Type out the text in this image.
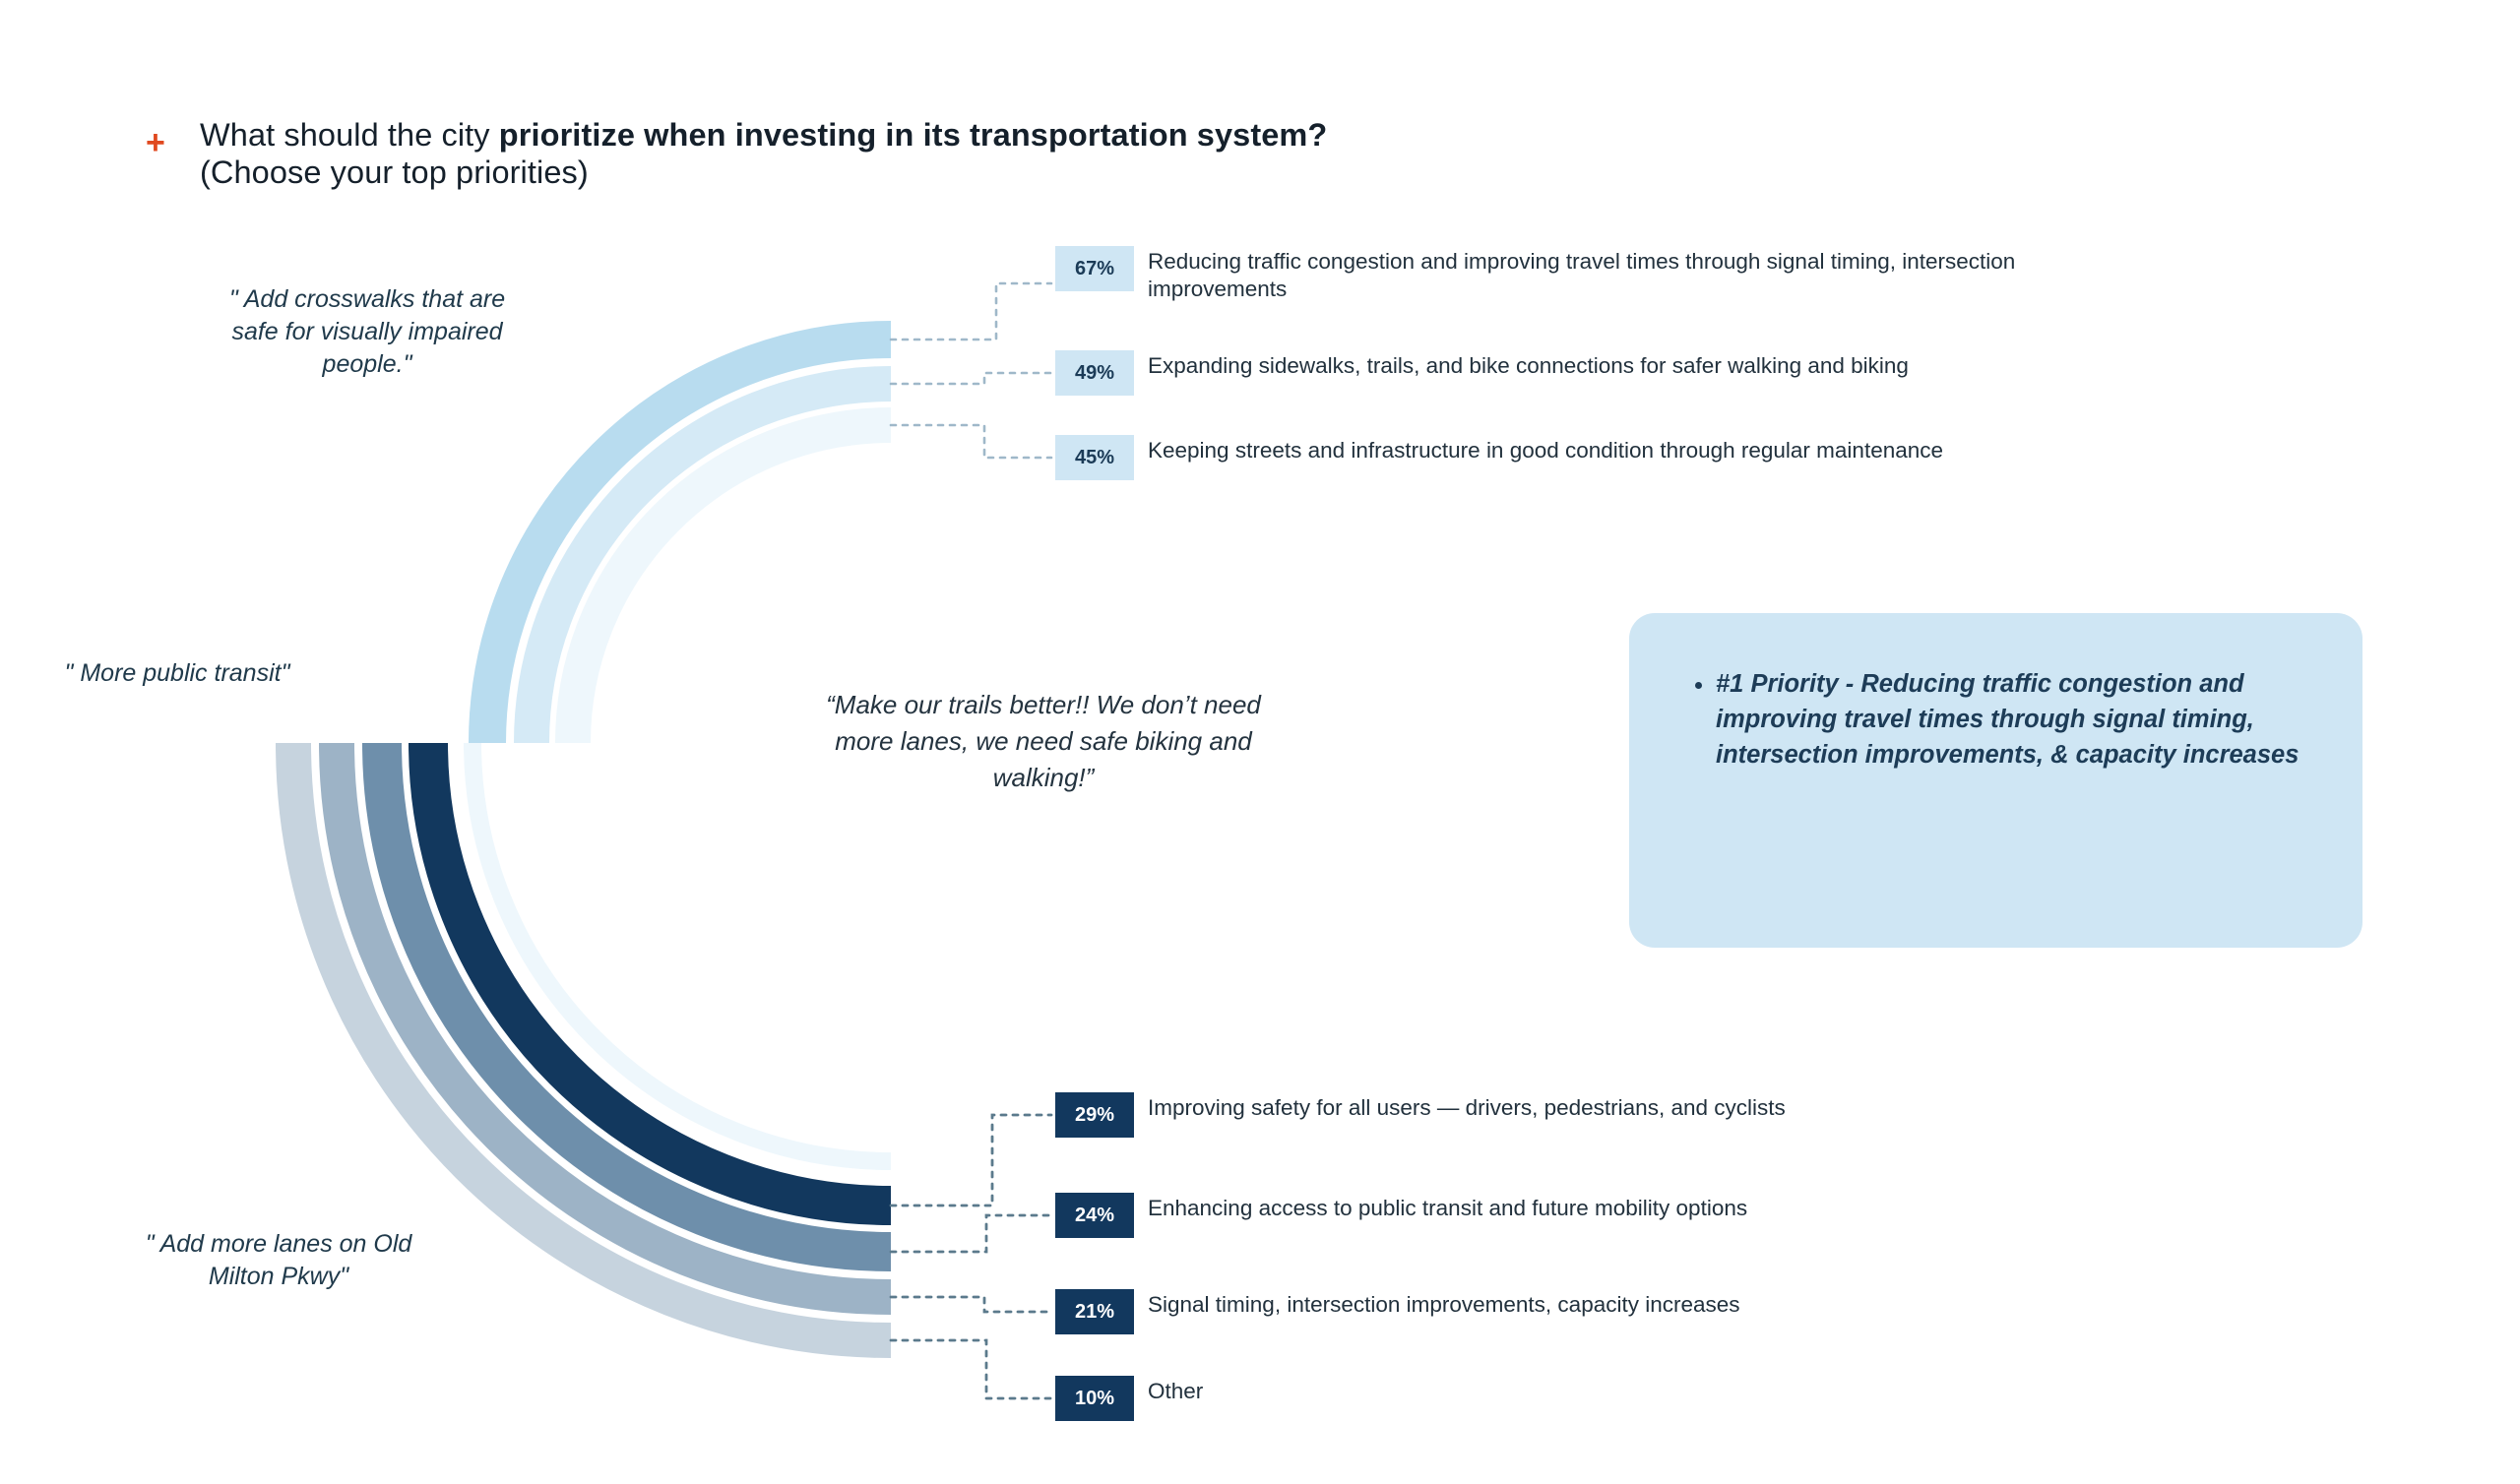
+ What should the city prioritize when investing in its transportation system?
(Choose your top priorities)
" Add crosswalks that are safe for visually impaired people."
" More public transit"
" Add more lanes on Old Milton Pkwy"
“Make our trails better!! We don’t need more lanes, we need safe biking and walking!”
• #1 Priority - Reducing traffic congestion and improving travel times through signal timing, intersection improvements, & capacity increases
67%	Reducing traffic congestion and improving travel times through signal timing, intersection improvements
49%	Expanding sidewalks, trails, and bike connections for safer walking and biking
45%	Keeping streets and infrastructure in good condition through regular maintenance
29%	Improving safety for all users — drivers, pedestrians, and cyclists
24%	Enhancing access to public transit and future mobility options
21%	Signal timing, intersection improvements, capacity increases
10%	Other
